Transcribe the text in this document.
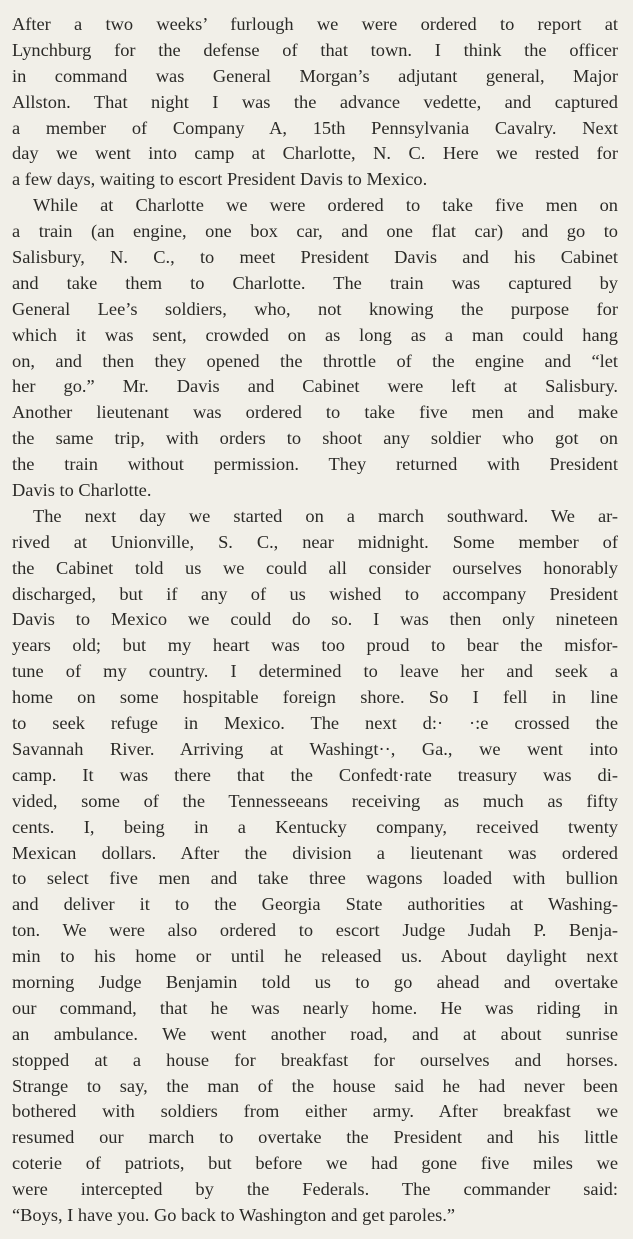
After a two weeks’ furlough we were ordered to report at
Lynchburg for the defense of that town. I think the officer
in command was General Morgan’s adjutant general, Major
Allston. That night I was the advance vedette, and captured
a member of Company A, 15th Pennsylvania Cavalry. Next
day we went into camp at Charlotte, N. C. Here we rested for
a few days, waiting to escort President Davis to Mexico.
While at Charlotte we were ordered to take five men on
a train (an engine, one box car, and one flat car) and go to
Salisbury, N. C., to meet President Davis and his Cabinet
and take them to Charlotte. The train was captured by
General Lee’s soldiers, who, not knowing the purpose for
which it was sent, crowded on as long as a man could hang
on, and then they opened the throttle of the engine and “let
her go.” Mr. Davis and Cabinet were left at Salisbury.
Another lieutenant was ordered to take five men and make
the same trip, with orders to shoot any soldier who got on
the train without permission. They returned with President
Davis to Charlotte.
The next day we started on a march southward. We ar-
rived at Unionville, S. C., near midnight. Some member of
the Cabinet told us we could all consider ourselves honorably
discharged, but if any of us wished to accompany President
Davis to Mexico we could do so. I was then only nineteen
years old; but my heart was too proud to bear the misfor-
tune of my country. I determined to leave her and seek a
home on some hospitable foreign shore. So I fell in line
to seek refuge in Mexico. The next d:· ·:e crossed the
Savannah River. Arriving at Washingt··, Ga., we went into
camp. It was there that the Confedt·rate treasury was di-
vided, some of the Tennesseeans receiving as much as fifty
cents. I, being in a Kentucky company, received twenty
Mexican dollars. After the division a lieutenant was ordered
to select five men and take three wagons loaded with bullion
and deliver it to the Georgia State authorities at Washing-
ton. We were also ordered to escort Judge Judah P. Benja-
min to his home or until he released us. About daylight next
morning Judge Benjamin told us to go ahead and overtake
our command, that he was nearly home. He was riding in
an ambulance. We went another road, and at about sunrise
stopped at a house for breakfast for ourselves and horses.
Strange to say, the man of the house said he had never been
bothered with soldiers from either army. After breakfast we
resumed our march to overtake the President and his little
coterie of patriots, but before we had gone five miles we
were intercepted by the Federals. The commander said:
“Boys, I have you. Go back to Washington and get paroles.”
